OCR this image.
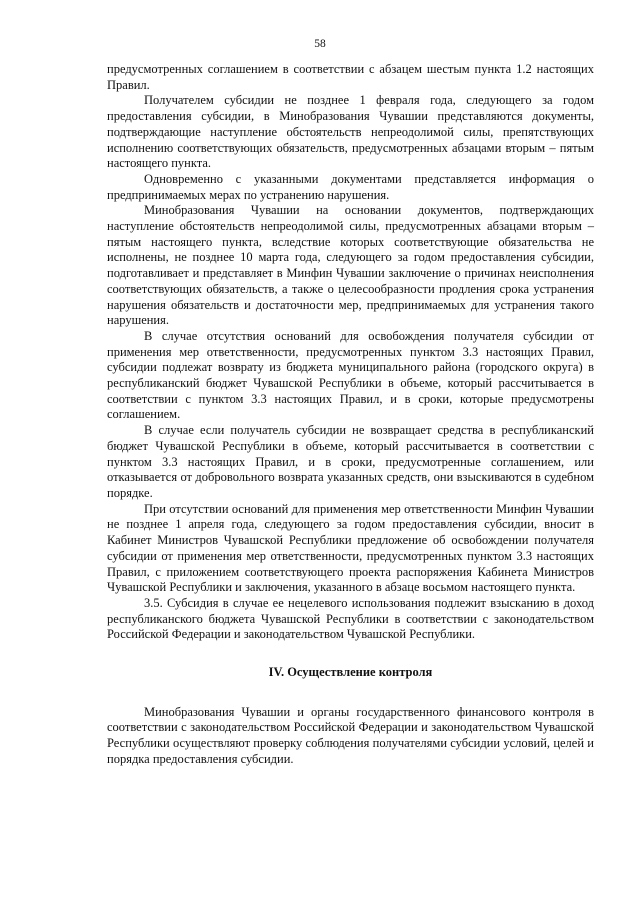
58

предусмотренных соглашением в соответствии с абзацем шестым пункта 1.2 настоящих Правил.

Получателем субсидии не позднее 1 февраля года, следующего за годом предоставления субсидии, в Минобразования Чувашии представляются документы, подтверждающие наступление обстоятельств непреодолимой силы, препятствующих исполнению соответствующих обязательств, предусмотренных абзацами вторым – пятым настоящего пункта.

Одновременно с указанными документами представляется информация о предпринимаемых мерах по устранению нарушения.

Минобразования Чувашии на основании документов, подтверждающих наступление обстоятельств непреодолимой силы, предусмотренных абзацами вторым – пятым настоящего пункта, вследствие которых соответствующие обязательства не исполнены, не позднее 10 марта года, следующего за годом предоставления субсидии, подготавливает и представляет в Минфин Чувашии заключение о причинах неисполнения соответствующих обязательств, а также о целесообразности продления срока устранения нарушения обязательств и достаточности мер, предпринимаемых для устранения такого нарушения.

В случае отсутствия оснований для освобождения получателя субсидии от применения мер ответственности, предусмотренных пунктом 3.3 настоящих Правил, субсидии подлежат возврату из бюджета муниципального района (городского округа) в республиканский бюджет Чувашской Республики в объеме, который рассчитывается в соответствии с пунктом 3.3 настоящих Правил, и в сроки, которые предусмотрены соглашением.

В случае если получатель субсидии не возвращает средства в республиканский бюджет Чувашской Республики в объеме, который рассчитывается в соответствии с пунктом 3.3 настоящих Правил, и в сроки, предусмотренные соглашением, или отказывается от добровольного возврата указанных средств, они взыскиваются в судебном порядке.

При отсутствии оснований для применения мер ответственности Минфин Чувашии не позднее 1 апреля года, следующего за годом предоставления субсидии, вносит в Кабинет Министров Чувашской Республики предложение об освобождении получателя субсидии от применения мер ответственности, предусмотренных пунктом 3.3 настоящих Правил, с приложением соответствующего проекта распоряжения Кабинета Министров Чувашской Республики и заключения, указанного в абзаце восьмом настоящего пункта.

3.5. Субсидия в случае ее нецелевого использования подлежит взысканию в доход республиканского бюджета Чувашской Республики в соответствии с законодательством Российской Федерации и законодательством Чувашской Республики.

IV. Осуществление контроля

Минобразования Чувашии и органы государственного финансового контроля в соответствии с законодательством Российской Федерации и законодательством Чувашской Республики осуществляют проверку соблюдения получателями субсидии условий, целей и порядка предоставления субсидии.
